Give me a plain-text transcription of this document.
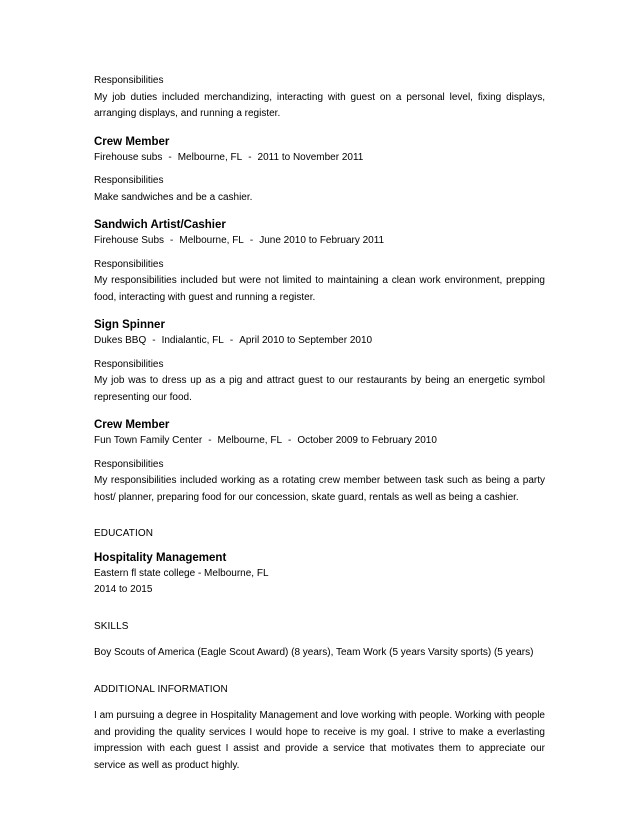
Responsibilities

My job duties included merchandizing, interacting with guest on a personal level, fixing displays, arranging displays, and running a register.

Crew Member

Firehouse subs - Melbourne, FL - 2011 to November 2011

Responsibilities

Make sandwiches and be a cashier.

Sandwich Artist/Cashier

Firehouse Subs - Melbourne, FL - June 2010 to February 2011

Responsibilities

My responsibilities included but were not limited to maintaining a clean work environment, prepping food, interacting with guest and running a register.

Sign Spinner

Dukes BBQ - Indialantic, FL - April 2010 to September 2010

Responsibilities

My job was to dress up as a pig and attract guest to our restaurants by being an energetic symbol representing our food.

Crew Member

Fun Town Family Center - Melbourne, FL - October 2009 to February 2010

Responsibilities

My responsibilities included working as a rotating crew member between task such as being a party host/ planner, preparing food for our concession, skate guard, rentals as well as being a cashier.

EDUCATION

Hospitality Management

Eastern fl state college - Melbourne, FL

2014 to 2015

SKILLS

Boy Scouts of America (Eagle Scout Award) (8 years), Team Work (5 years Varsity sports) (5 years)

ADDITIONAL INFORMATION

I am pursuing a degree in Hospitality Management and love working with people. Working with people and providing the quality services I would hope to receive is my goal. I strive to make a everlasting impression with each guest I assist and provide a service that motivates them to appreciate our service as well as product highly.
